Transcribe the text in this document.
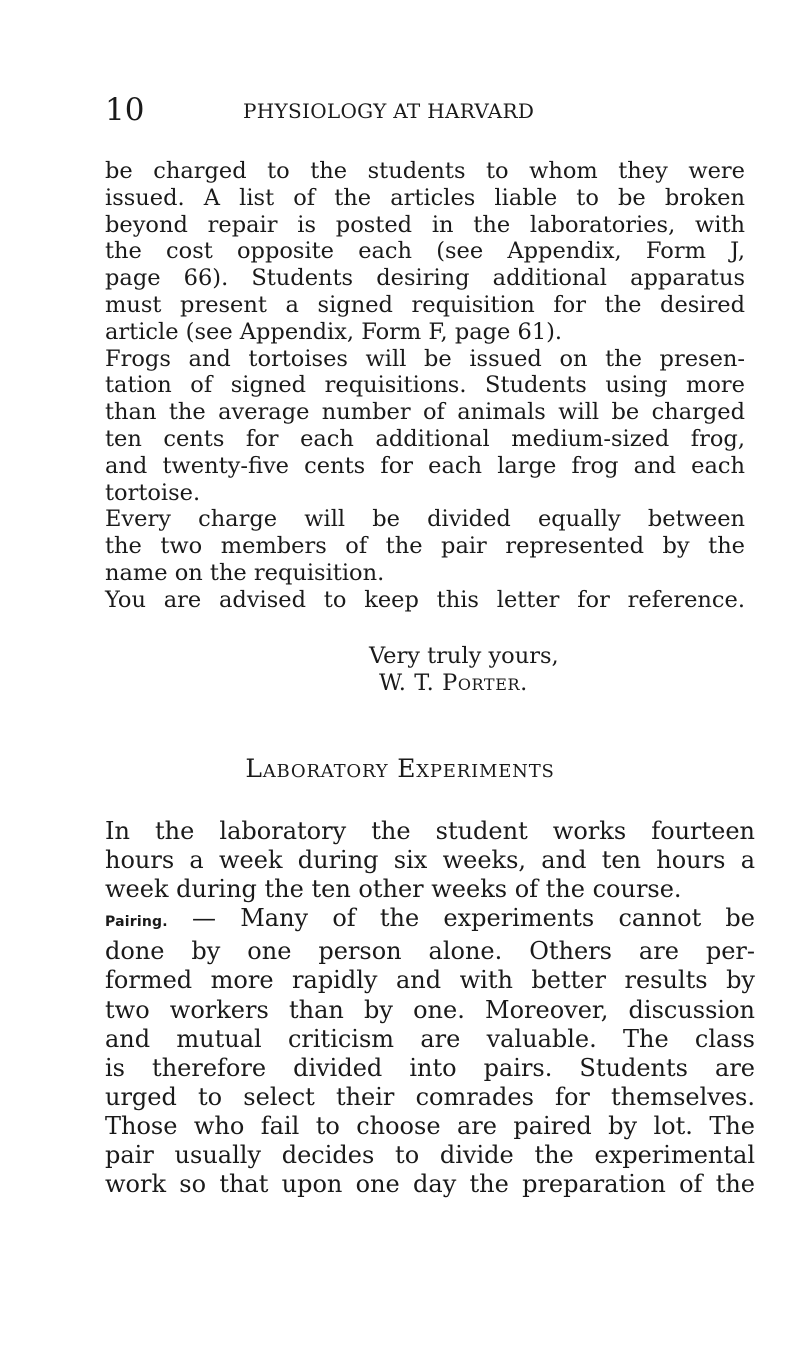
10	PHYSIOLOGY AT HARVARD
be charged to the students to whom they were
issued. A list of the articles liable to be broken
beyond repair is posted in the laboratories, with
the cost opposite each (see Appendix, Form J,
page 66). Students desiring additional apparatus
must present a signed requisition for the desired
article (see Appendix, Form F, page 61).
Frogs and tortoises will be issued on the presen-
tation of signed requisitions. Students using more
than the average number of animals will be charged
ten cents for each additional medium-sized frog,
and twenty-five cents for each large frog and each
tortoise.
Every charge will be divided equally between
the two members of the pair represented by the
name on the requisition.
You are advised to keep this letter for reference.
Very truly yours,
W. T. Porter.
Laboratory Experiments
In the laboratory the student works fourteen
hours a week during six weeks, and ten hours a
week during the ten other weeks of the course.
Pairing. — Many of the experiments cannot be
done by one person alone. Others are per-
formed more rapidly and with better results by
two workers than by one. Moreover, discussion
and mutual criticism are valuable. The class
is therefore divided into pairs. Students are
urged to select their comrades for themselves.
Those who fail to choose are paired by lot. The
pair usually decides to divide the experimental
work so that upon one day the preparation of the
